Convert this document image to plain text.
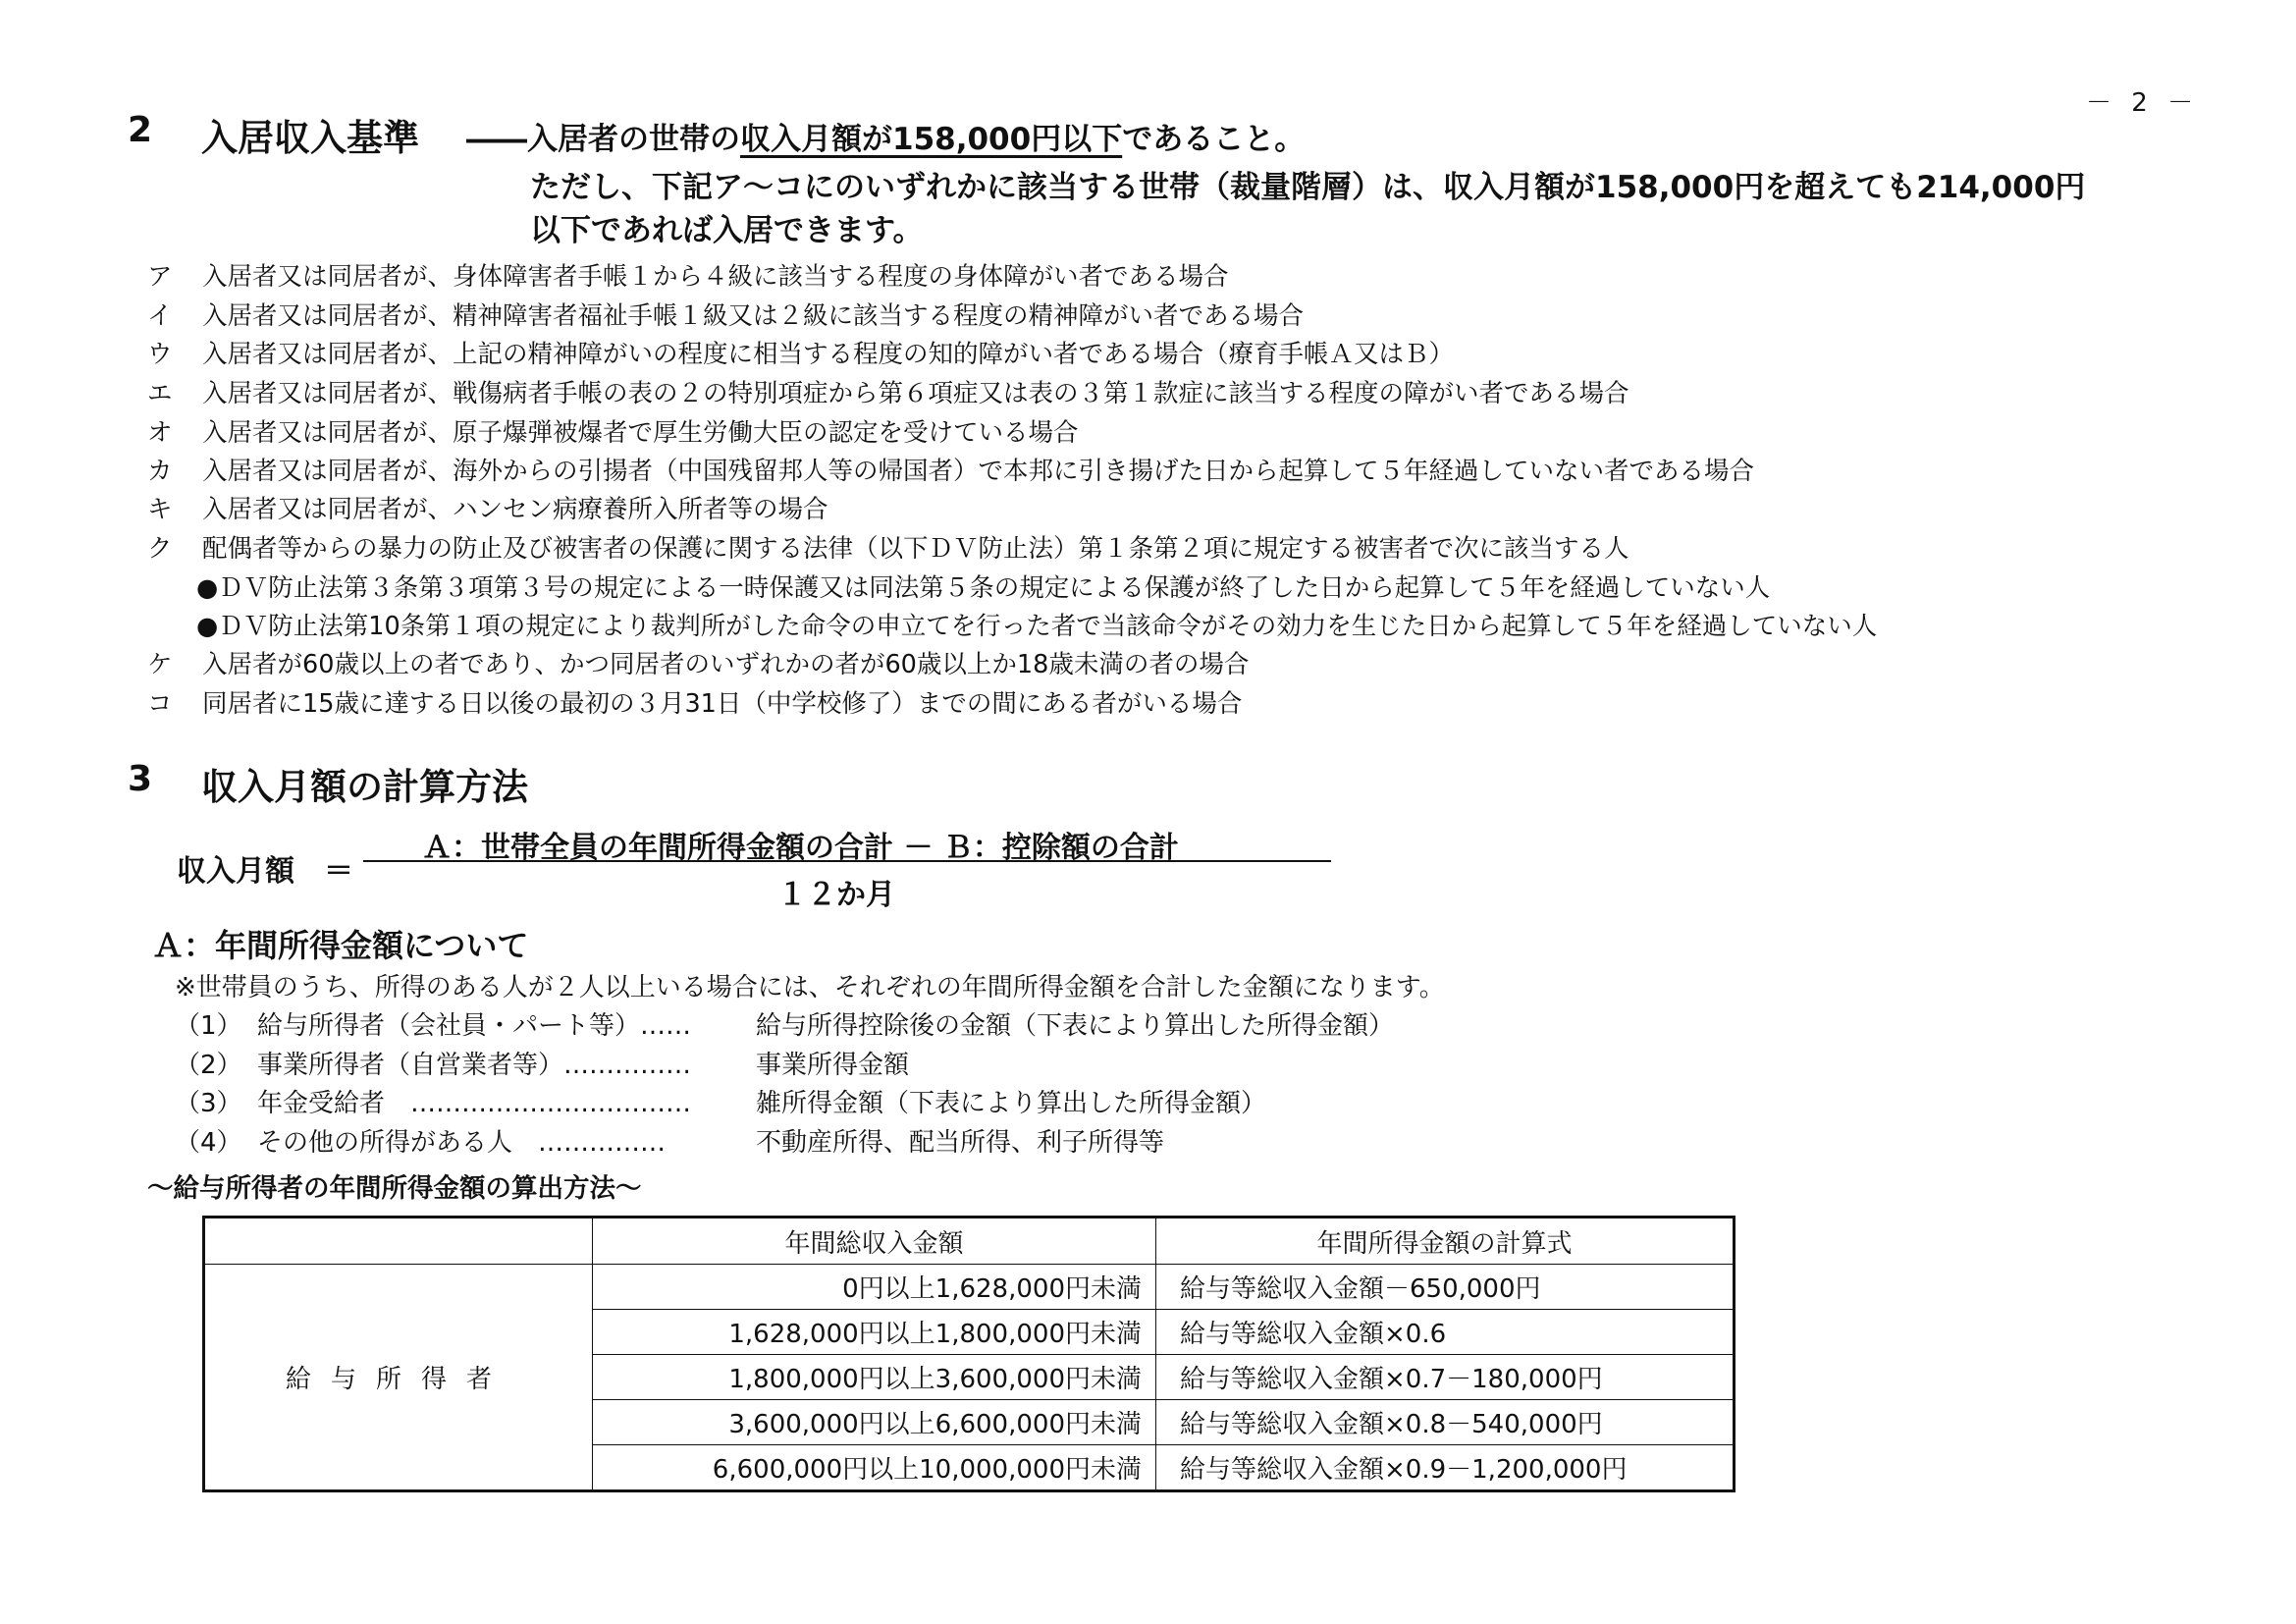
－ 2 －
2 入居収入基準 ――入居者の世帯の収入月額が158,000円以下であること。
ただし、下記ア～コにのいずれかに該当する世帯（裁量階層）は、収入月額が158,000円を超えても214,000円
以下であれば入居できます。
ア 入居者又は同居者が、身体障害者手帳１から４級に該当する程度の身体障がい者である場合
イ 入居者又は同居者が、精神障害者福祉手帳１級又は２級に該当する程度の精神障がい者である場合
ウ 入居者又は同居者が、上記の精神障がいの程度に相当する程度の知的障がい者である場合（療育手帳Ａ又はＢ）
エ 入居者又は同居者が、戦傷病者手帳の表の２の特別項症から第６項症又は表の３第１款症に該当する程度の障がい者である場合
オ 入居者又は同居者が、原子爆弾被爆者で厚生労働大臣の認定を受けている場合
カ 入居者又は同居者が、海外からの引揚者（中国残留邦人等の帰国者）で本邦に引き揚げた日から起算して５年経過していない者である場合
キ 入居者又は同居者が、ハンセン病療養所入所者等の場合
ク 配偶者等からの暴力の防止及び被害者の保護に関する法律（以下ＤＶ防止法）第１条第２項に規定する被害者で次に該当する人
●ＤＶ防止法第３条第３項第３号の規定による一時保護又は同法第５条の規定による保護が終了した日から起算して５年を経過していない人
●ＤＶ防止法第10条第１項の規定により裁判所がした命令の申立てを行った者で当該命令がその効力を生じた日から起算して５年を経過していない人
ケ 入居者が60歳以上の者であり、かつ同居者のいずれかの者が60歳以上か18歳未満の者の場合
コ 同居者に15歳に達する日以後の最初の３月31日（中学校修了）までの間にある者がいる場合
3 収入月額の計算方法
収入月額 ＝
Ａ：世帯全員の年間所得金額の合計 － Ｂ：控除額の合計
１２か月
Ａ：年間所得金額について
※世帯員のうち、所得のある人が２人以上いる場合には、それぞれの年間所得金額を合計した金額になります。
（1） 給与所得者（会社員・パート等）……	給与所得控除後の金額（下表により算出した所得金額）
（2） 事業所得者（自営業者等）……………	事業所得金額
（3） 年金受給者　……………………………	雑所得金額（下表により算出した所得金額）
（4） その他の所得がある人　……………	不動産所得、配当所得、利子所得等
～給与所得者の年間所得金額の算出方法～
	年間総収入金額	年間所得金額の計算式
給与所得者	0円以上1,628,000円未満	給与等総収入金額－650,000円
	1,628,000円以上1,800,000円未満	給与等総収入金額×0.6
	1,800,000円以上3,600,000円未満	給与等総収入金額×0.7－180,000円
	3,600,000円以上6,600,000円未満	給与等総収入金額×0.8－540,000円
	6,600,000円以上10,000,000円未満	給与等総収入金額×0.9－1,200,000円
